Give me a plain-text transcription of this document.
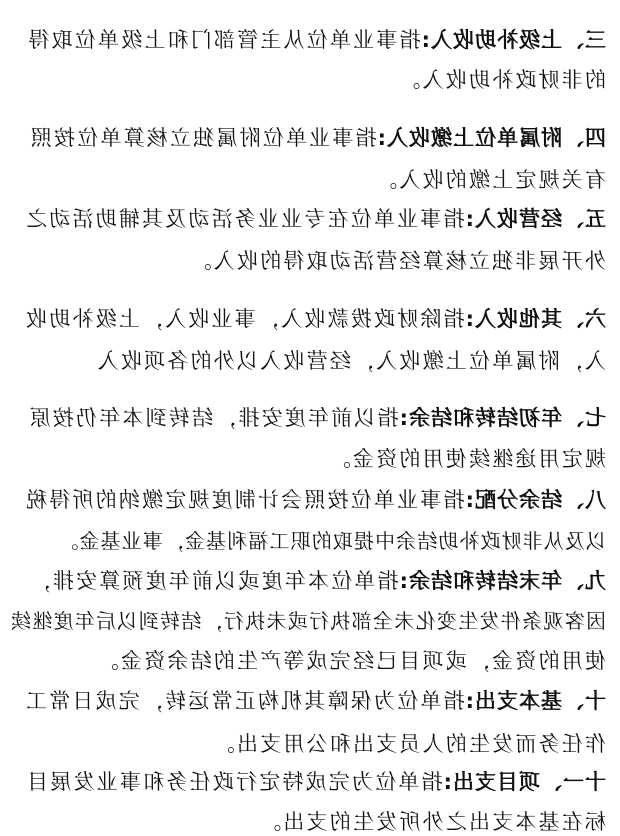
三、上级补助收入:指事业单位从主管部门和上级单位取得
的非财政补助收入。
四、附属单位上缴收入:指事业单位附属独立核算单位按照
有关规定上缴的收入。
五、经营收入:指事业单位在专业业务活动及其辅助活动之
外开展非独立核算经营活动取得的收入。
六、其他收入:指除财政拨款收入，事业收入，上级补助收
入，附属单位上缴收入，经营收入以外的各项收入
七、年初结转和结余:指以前年度安排，结转到本年仍按原
规定用途继续使用的资金。
八、结余分配:指事业单位按照会计制度规定缴纳的所得税
以及从非财政补助结余中提取的职工福利基金，事业基金。
九、年末结转和结余:指单位本年度或以前年度预算安排，
因客观条件发生变化未全部执行或未执行，结转到以后年度继续
使用的资金，或项目已经完成等产生的结余资金。
十、基本支出:指单位为保障其机构正常运转，完成日常工
作任务而发生的人员支出和公用支出。
十一、项目支出:指单位为完成特定行政任务和事业发展目
标在基本支出之外所发生的支出。
